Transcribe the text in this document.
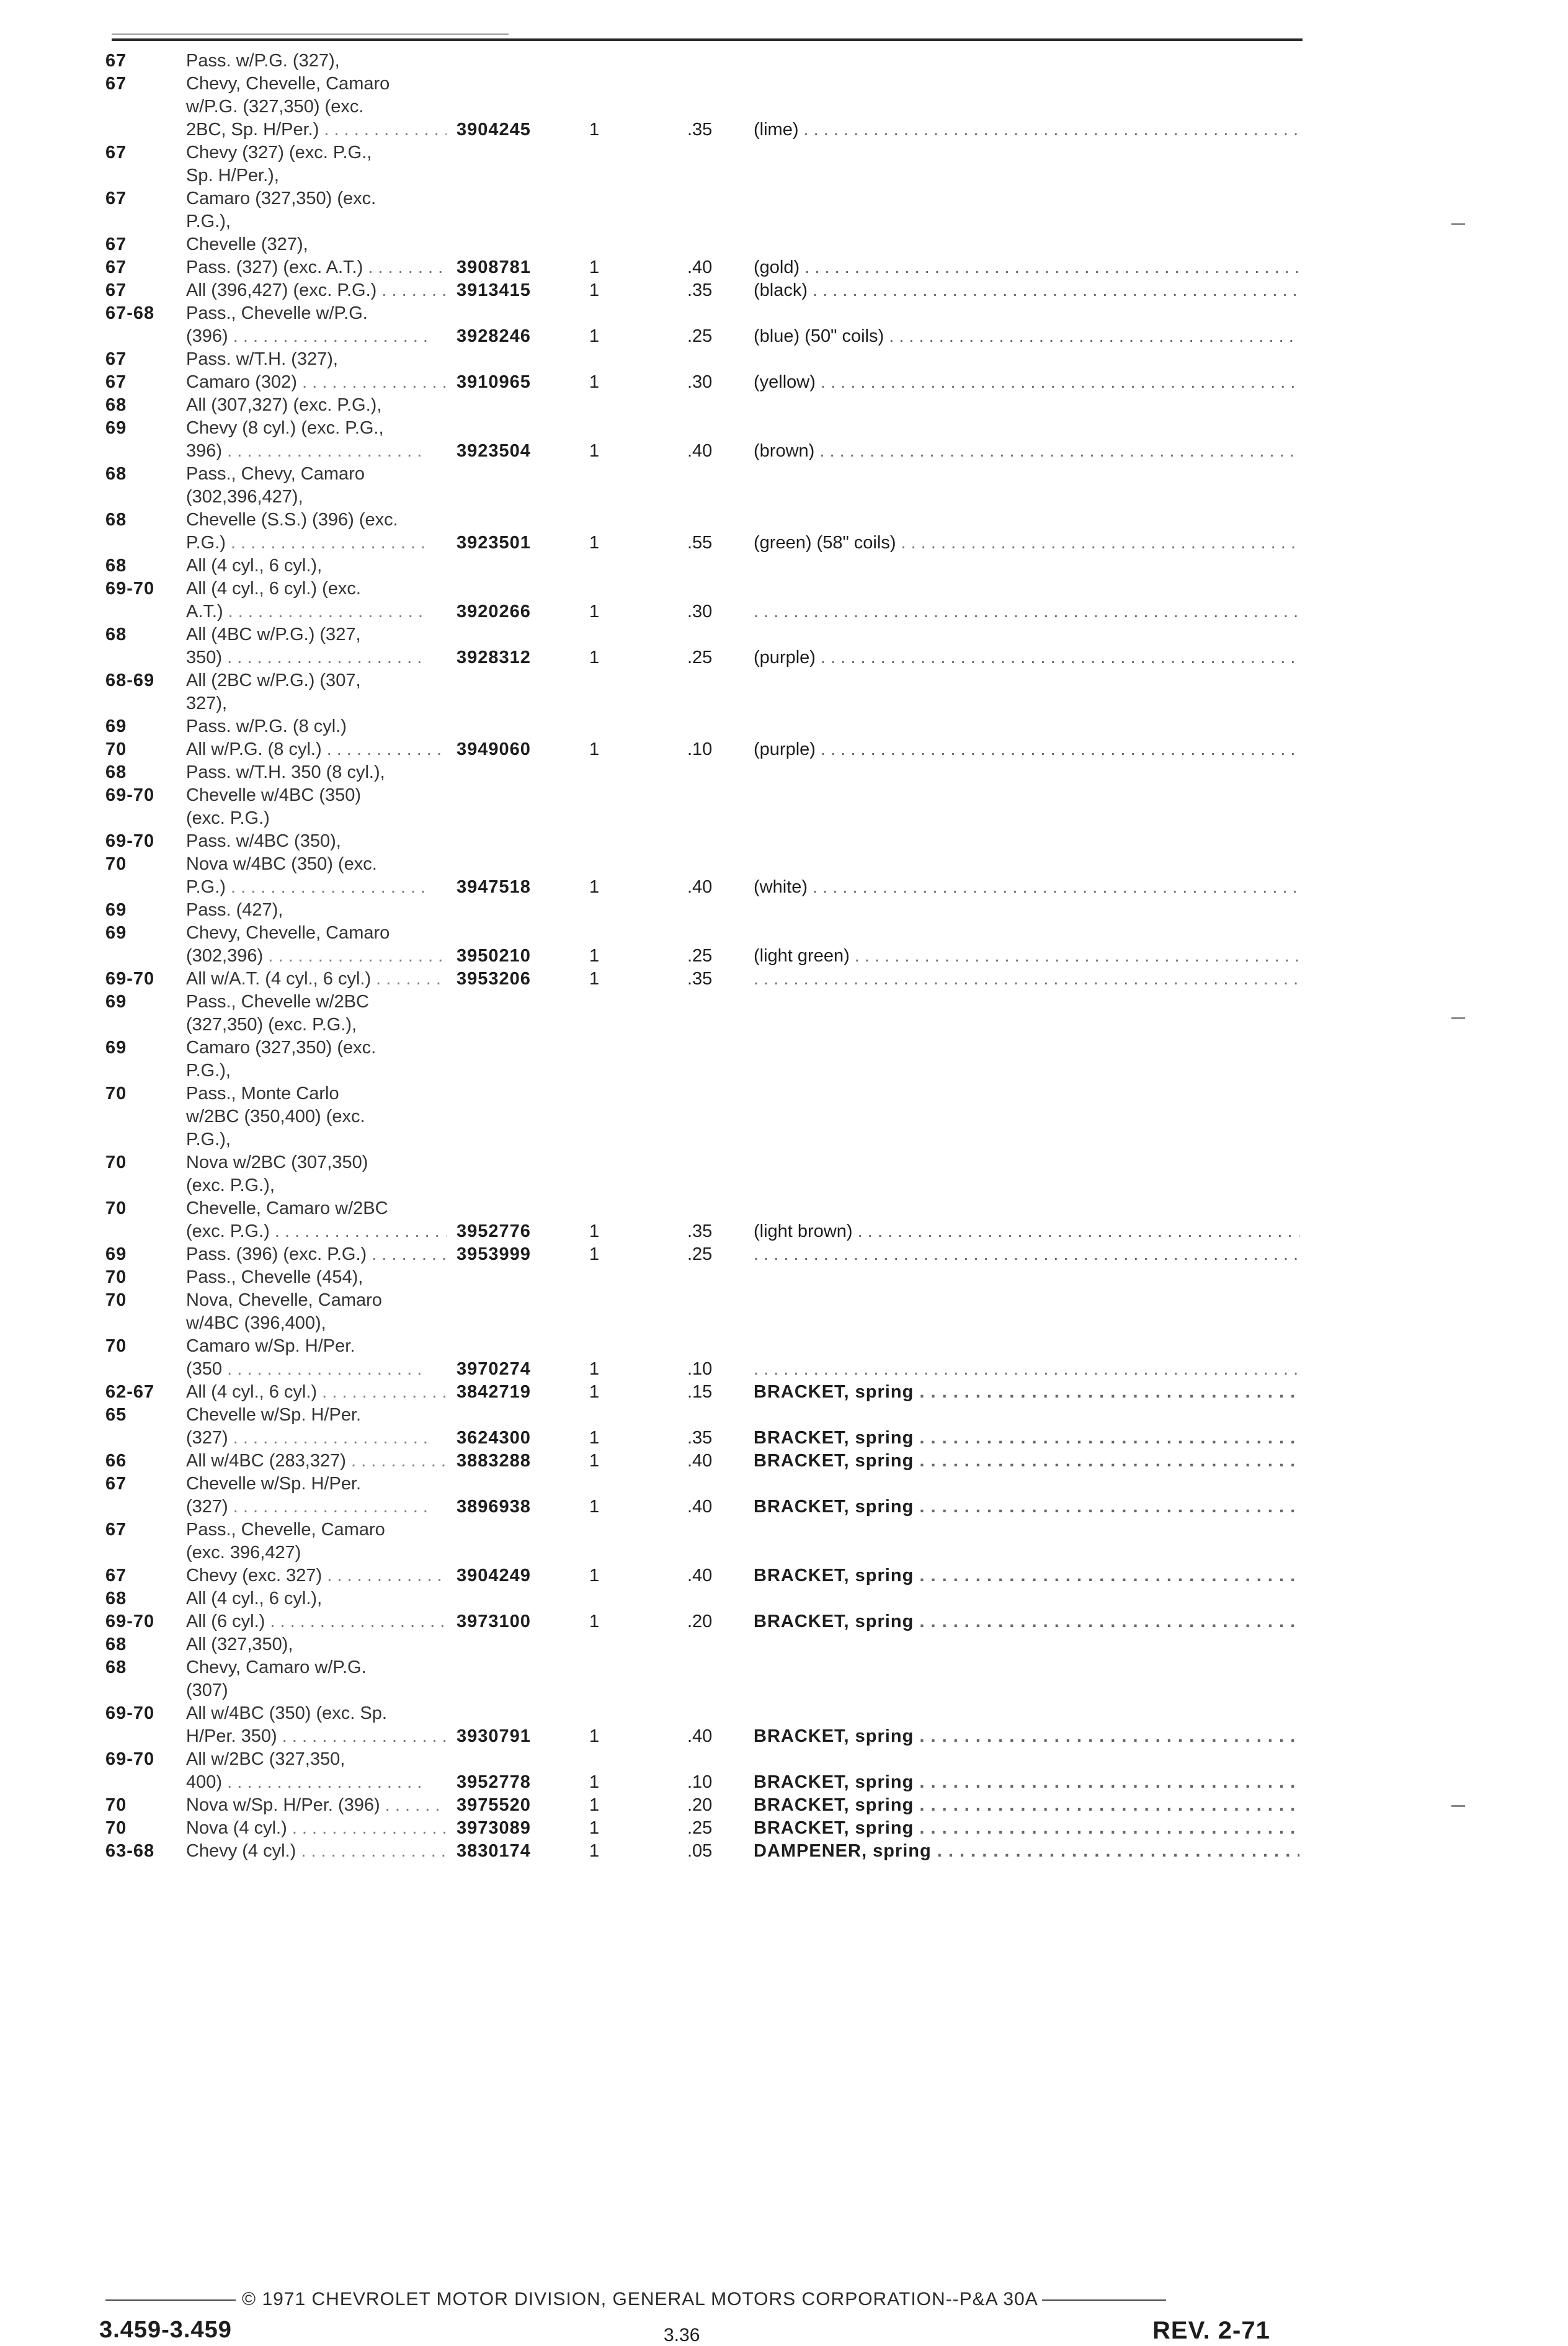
67	Pass. w/P.G. (327),
67	Chevy, Chevelle, Camaro
w/P.G. (327,350) (exc.
2BC, Sp. H/Per.) . . .	3904245	1	.35	(lime) . . .
67	Chevy (327) (exc. P.G.,
Sp. H/Per.),
67	Camaro (327,350) (exc.
P.G.),
67	Chevelle (327),
67	Pass. (327) (exc. A.T.) . . .	3908781	1	.40	(gold) . . .
67	All (396,427) (exc. P.G.) . . .	3913415	1	.35	(black) . . .
67-68	Pass., Chevelle w/P.G.
(396) . . .	3928246	1	.25	(blue) (50" coils) . . .
67	Pass. w/T.H. (327),
67	Camaro (302) . . .	3910965	1	.30	(yellow) . . .
68	All (307,327) (exc. P.G.),
69	Chevy (8 cyl.) (exc. P.G.,
396) . . .	3923504	1	.40	(brown) . . .
68	Pass., Chevy, Camaro
(302,396,427),
68	Chevelle (S.S.) (396) (exc.
P.G.) . . .	3923501	1	.55	(green) (58" coils) . . .
68	All (4 cyl., 6 cyl.),
69-70	All (4 cyl., 6 cyl.) (exc.
A.T.) . . .	3920266	1	.30
. . .
68	All (4BC w/P.G.) (327,
350) . . .	3928312	1	.25	(purple) . . .
68-69	All (2BC w/P.G.) (307,
327),
69	Pass. w/P.G. (8 cyl.)
70	All w/P.G. (8 cyl.) . . .	3949060	1	.10	(purple) . . .
68	Pass. w/T.H. 350 (8 cyl.),
69-70	Chevelle w/4BC (350)
(exc. P.G.)
69-70	Pass. w/4BC (350),
70	Nova w/4BC (350) (exc.
P.G.) . . .	3947518	1	.40	(white) . . .
69	Pass. (427),
69	Chevy, Chevelle, Camaro
(302,396) . . .	3950210	1	.25	(light green) . . .
69-70	All w/A.T. (4 cyl., 6 cyl.) . . .	3953206	1	.35
. . .
69	Pass., Chevelle w/2BC
(327,350) (exc. P.G.),
69	Camaro (327,350) (exc.
P.G.),
70	Pass., Monte Carlo
w/2BC (350,400) (exc.
P.G.),
70	Nova w/2BC (307,350)
(exc. P.G.),
70	Chevelle, Camaro w/2BC
(exc. P.G.) . . .	3952776	1	.35	(light brown) . . .
69	Pass. (396) (exc. P.G.) . . .	3953999	1	.25
. . .
70	Pass., Chevelle (454),
70	Nova, Chevelle, Camaro
w/4BC (396,400),
70	Camaro w/Sp. H/Per.
(350 . . .	3970274	1	.10
. . .
62-67	All (4 cyl., 6 cyl.) . . .	3842719	1	.15	BRACKET, spring . . .
65	Chevelle w/Sp. H/Per.
(327) . . .	3624300	1	.35	BRACKET, spring . . .
66	All w/4BC (283,327) . . .	3883288	1	.40	BRACKET, spring . . .
67	Chevelle w/Sp. H/Per.
(327) . . .	3896938	1	.40	BRACKET, spring . . .
67	Pass., Chevelle, Camaro
(exc. 396,427)
67	Chevy (exc. 327) . . .	3904249	1	.40	BRACKET, spring . . .
68	All (4 cyl., 6 cyl.),
69-70	All (6 cyl.) . . .	3973100	1	.20	BRACKET, spring . . .
68	All (327,350),
68	Chevy, Camaro w/P.G.
(307)
69-70	All w/4BC (350) (exc. Sp.
H/Per. 350) . . .	3930791	1	.40	BRACKET, spring . . .
69-70	All w/2BC (327,350,
400) . . .	3952778	1	.10	BRACKET, spring . . .
70	Nova w/Sp. H/Per. (396) . . .	3975520	1	.20	BRACKET, spring . . .
70	Nova (4 cyl.) . . .	3973089	1	.25	BRACKET, spring . . .
63-68	Chevy (4 cyl.) . . .	3830174	1	.05	DAMPENER, spring . . .
© 1971 CHEVROLET MOTOR DIVISION, GENERAL MOTORS CORPORATION--P&A 30A
3.459-3.459	3.36	REV. 2-71
